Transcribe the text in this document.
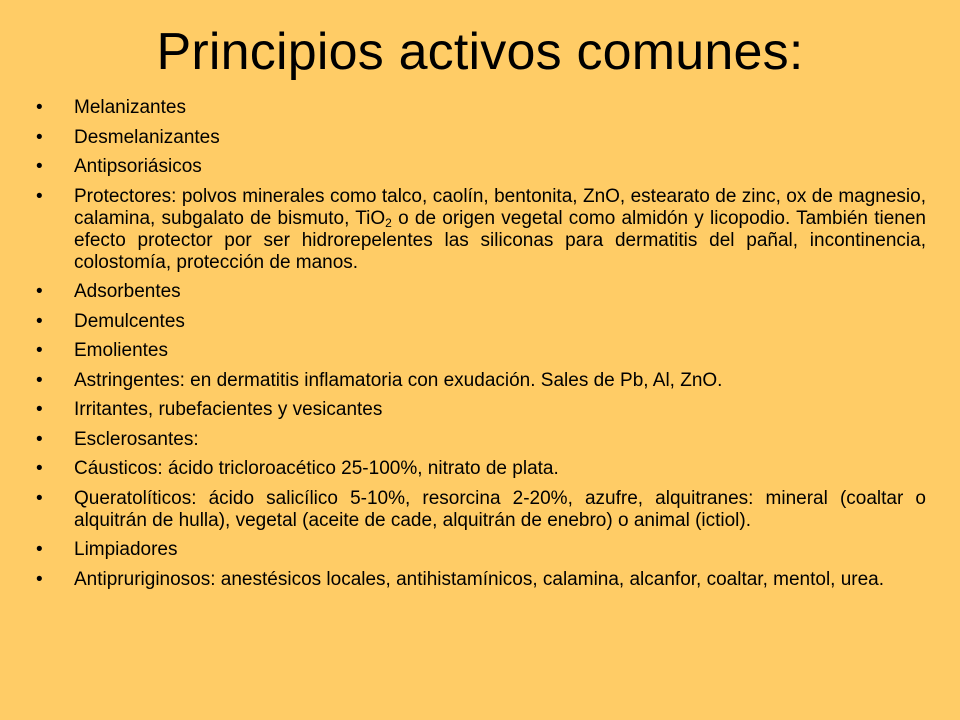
Principios activos comunes:
•	Melanizantes
•	Desmelanizantes
•	Antipsoriásicos
•	Protectores: polvos minerales como talco, caolín, bentonita, ZnO, estearato de zinc, ox de magnesio, calamina, subgalato de bismuto, TiO$_2$ o de origen vegetal como almidón y licopodio. También tienen efecto protector por ser hidrorepelentes las siliconas para dermatitis del pañal, incontinencia, colostomía, protección de manos.
•	Adsorbentes
•	Demulcentes
•	Emolientes
•	Astringentes: en dermatitis inflamatoria con exudación. Sales de Pb, Al, ZnO.
•	Irritantes, rubefacientes y vesicantes
•	Esclerosantes:
•	Cáusticos: ácido tricloroacético 25-100%, nitrato de plata.
•	Queratolíticos: ácido salicílico 5-10%, resorcina 2-20%, azufre, alquitranes: mineral (coaltar o alquitrán de hulla), vegetal (aceite de cade, alquitrán de enebro) o animal (ictiol).
•	Limpiadores
•	Antipruriginosos: anestésicos locales, antihistamínicos, calamina, alcanfor, coaltar, mentol, urea.
